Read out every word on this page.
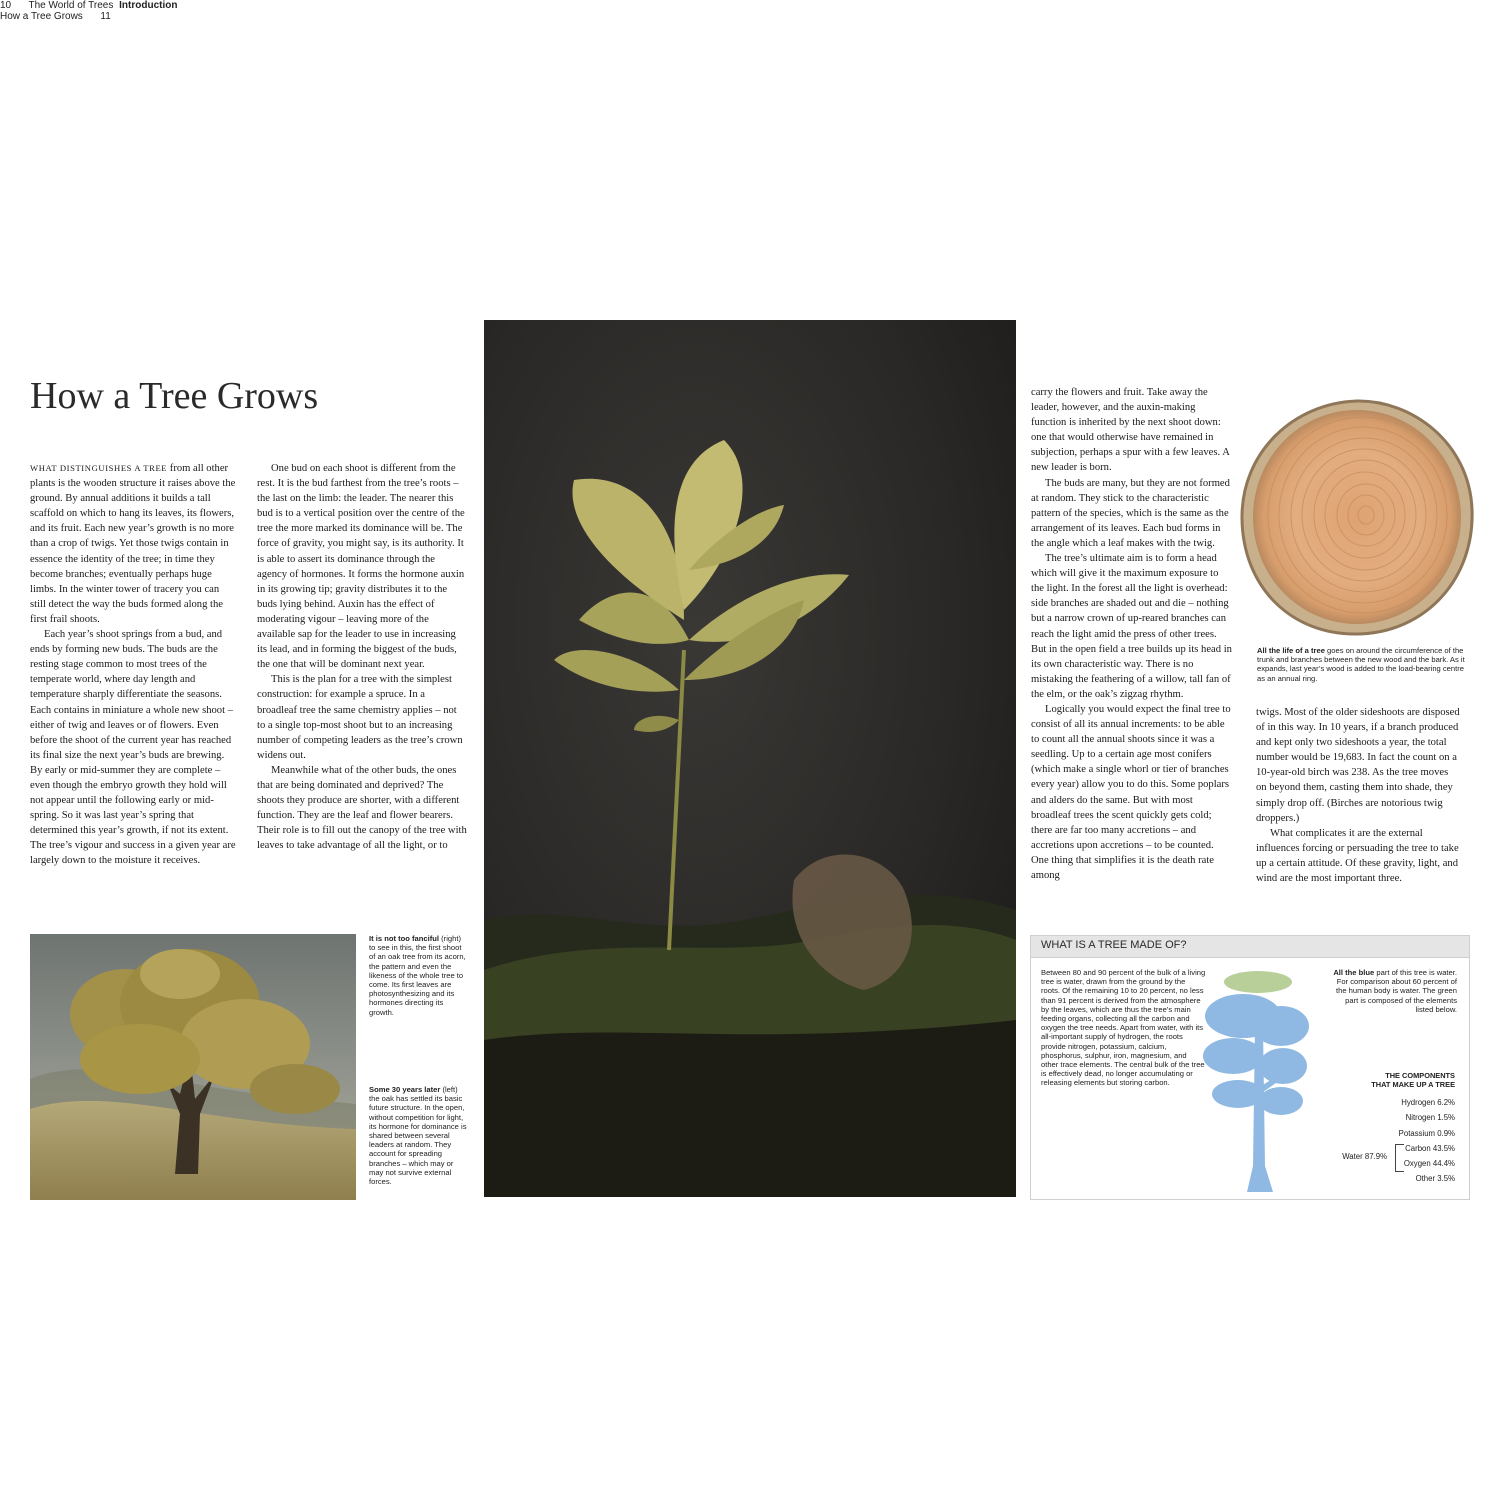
10 The World of Trees Introduction
How a Tree Grows 11
How a Tree Grows

WHAT DISTINGUISHES A TREE from all other plants is the wooden structure it raises above the ground. By annual additions it builds a tall scaffold on which to hang its leaves, its flowers, and its fruit. Each new year’s growth is no more than a crop of twigs. Yet those twigs contain in essence the identity of the tree; in time they become branches; eventually perhaps huge limbs. In the winter tower of tracery you can still detect the way the buds formed along the first frail shoots.

Each year’s shoot springs from a bud, and ends by forming new buds. The buds are the resting stage common to most trees of the temperate world, where day length and temperature sharply differentiate the seasons. Each contains in miniature a whole new shoot – either of twig and leaves or of flowers. Even before the shoot of the current year has reached its final size the next year’s buds are brewing. By early or mid-summer they are complete – even though the embryo growth they hold will not appear until the following early or mid-spring. So it was last year’s spring that determined this year’s growth, if not its extent. The tree’s vigour and success in a given year are largely down to the moisture it receives.

One bud on each shoot is different from the rest. It is the bud farthest from the tree’s roots – the last on the limb: the leader. The nearer this bud is to a vertical position over the centre of the tree the more marked its dominance will be. The force of gravity, you might say, is its authority. It is able to assert its dominance through the agency of hormones. It forms the hormone auxin in its growing tip; gravity distributes it to the buds lying behind. Auxin has the effect of moderating vigour – leaving more of the available sap for the leader to use in increasing its lead, and in forming the biggest of the buds, the one that will be dominant next year.

This is the plan for a tree with the simplest construction: for example a spruce. In a broadleaf tree the same chemistry applies – not to a single top-most shoot but to an increasing number of competing leaders as the tree’s crown widens out.

Meanwhile what of the other buds, the ones that are being dominated and deprived? The shoots they produce are shorter, with a different function. They are the leaf and flower bearers. Their role is to fill out the canopy of the tree with leaves to take advantage of all the light, or to

It is not too fanciful (right) to see in this, the first shoot of an oak tree from its acorn, the pattern and even the likeness of the whole tree to come. Its first leaves are photosynthesizing and its hormones directing its growth.
Some 30 years later (left) the oak has settled its basic future structure. In the open, without competition for light, its hormone for dominance is shared between several leaders at random. They account for spreading branches – which may or may not survive external forces.

carry the flowers and fruit. Take away the leader, however, and the auxin-making function is inherited by the next shoot down: one that would otherwise have remained in subjection, perhaps a spur with a few leaves. A new leader is born.

The buds are many, but they are not formed at random. They stick to the characteristic pattern of the species, which is the same as the arrangement of its leaves. Each bud forms in the angle which a leaf makes with the twig.

The tree’s ultimate aim is to form a head which will give it the maximum exposure to the light. In the forest all the light is overhead: side branches are shaded out and die – nothing but a narrow crown of up-reared branches can reach the light amid the press of other trees. But in the open field a tree builds up its head in its own characteristic way. There is no mistaking the feathering of a willow, tall fan of the elm, or the oak’s zigzag rhythm.

Logically you would expect the final tree to consist of all its annual increments: to be able to count all the annual shoots since it was a seedling. Up to a certain age most conifers (which make a single whorl or tier of branches every year) allow you to do this. Some poplars and alders do the same. But with most broadleaf trees the scent quickly gets cold; there are far too many accretions – and accretions upon accretions – to be counted. One thing that simplifies it is the death rate among

All the life of a tree goes on around the circumference of the trunk and branches between the new wood and the bark. As it expands, last year’s wood is added to the load-bearing centre as an annual ring.

twigs. Most of the older sideshoots are disposed of in this way. In 10 years, if a branch produced and kept only two sideshoots a year, the total number would be 19,683. In fact the count on a 10-year-old birch was 238. As the tree moves on beyond them, casting them into shade, they simply drop off. (Birches are notorious twig droppers.)

What complicates it are the external influences forcing or persuading the tree to take up a certain attitude. Of these gravity, light, and wind are the most important three.

WHAT IS A TREE MADE OF?
Between 80 and 90 percent of the bulk of a living tree is water, drawn from the ground by the roots. Of the remaining 10 to 20 percent, no less than 91 percent is derived from the atmosphere by the leaves, which are thus the tree’s main feeding organs, collecting all the carbon and oxygen the tree needs. Apart from water, with its all-important supply of hydrogen, the roots provide nitrogen, potassium, calcium, phosphorus, sulphur, iron, magnesium, and other trace elements. The central bulk of the tree is effectively dead, no longer accumulating or releasing elements but storing carbon.
All the blue part of this tree is water. For comparison about 60 percent of the human body is water. The green part is composed of the elements listed below.
THE COMPONENTS
THAT MAKE UP A TREE
Hydrogen 6.2%
Nitrogen 1.5%
Potassium 0.9%
Carbon 43.5%
Oxygen 44.4%
Other 3.5%
Water 87.9%
